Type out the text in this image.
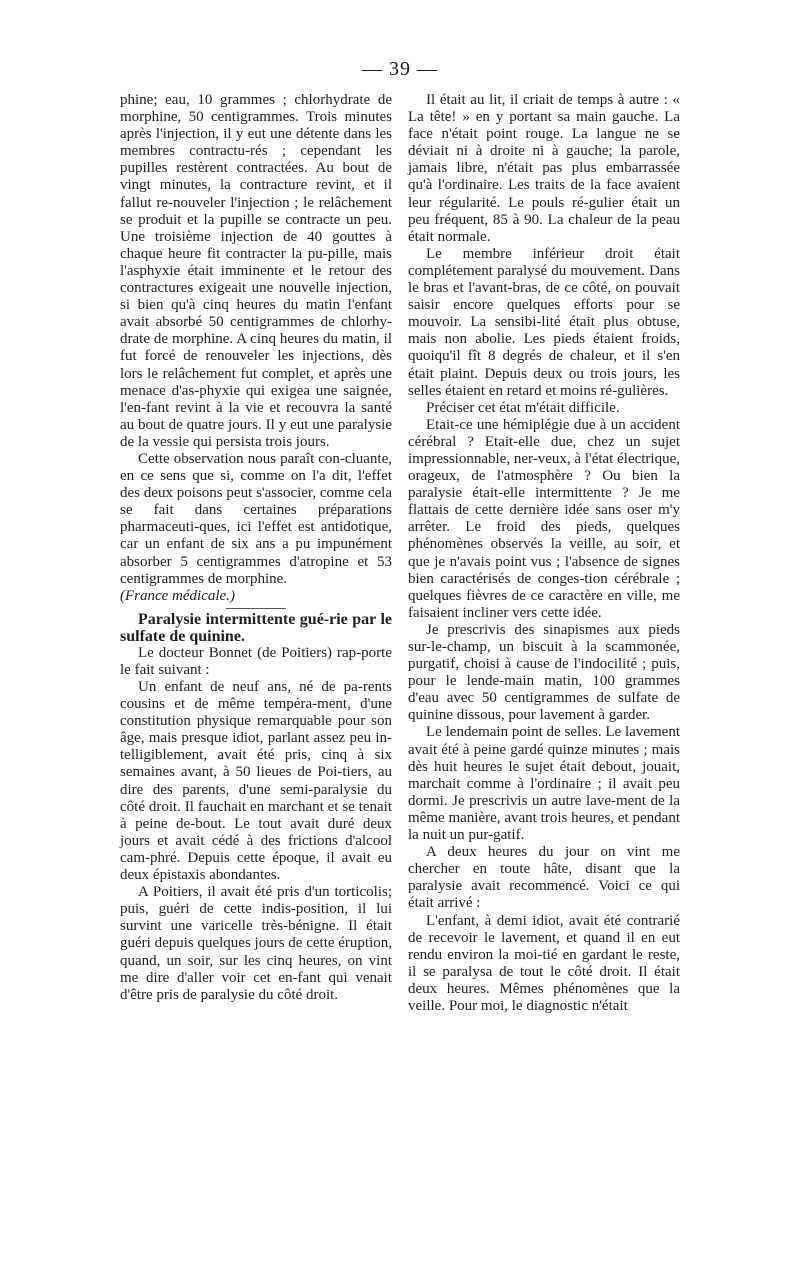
— 39 —

phine; eau, 10 grammes ; chlorhydrate de morphine, 50 centigrammes. Trois minutes après l'injection, il y eut une détente dans les membres contractu-rés ; cependant les pupilles restèrent contractées. Au bout de vingt minutes, la contracture revint, et il fallut re-nouveler l'injection ; le relâchement se produit et la pupille se contracte un peu. Une troisième injection de 40 gouttes à chaque heure fit contracter la pu-pille, mais l'asphyxie était imminente et le retour des contractures exigeait une nouvelle injection, si bien qu'à cinq heures du matin l'enfant avait absorbé 50 centigrammes de chlorhy-drate de morphine. A cinq heures du matin, il fut forcé de renouveler les injections, dès lors le relâchement fut complet, et après une menace d'as-phyxie qui exigea une saignée, l'en-fant revint à la vie et recouvra la santé au bout de quatre jours. Il y eut une paralysie de la vessie qui persista trois jours.

Cette observation nous paraît con-cluante, en ce sens que si, comme on l'a dit, l'effet des deux poisons peut s'associer, comme cela se fait dans certaines préparations pharmaceuti-ques, ici l'effet est antidotique, car un enfant de six ans a pu impunément absorber 5 centigrammes d'atropine et 53 centigrammes de morphine.

(France médicale.)

Paralysie intermittente gué-rie par le sulfate de quinine.

Le docteur Bonnet (de Poitiers) rap-porte le fait suivant :

Un enfant de neuf ans, né de pa-rents cousins et de même tempéra-ment, d'une constitution physique remarquable pour son âge, mais presque idiot, parlant assez peu in-telligiblement, avait été pris, cinq à six semaines avant, à 50 lieues de Poi-tiers, au dire des parents, d'une semi-paralysie du côté droit. Il fauchait en marchant et se tenait à peine de-bout. Le tout avait duré deux jours et avait cédé à des frictions d'alcool cam-phré. Depuis cette époque, il avait eu deux épistaxis abondantes.

A Poitiers, il avait été pris d'un torticolis; puis, guéri de cette indis-position, il lui survint une varicelle très-bénigne. Il était guéri depuis quelques jours de cette éruption, quand, un soir, sur les cinq heures, on vint me dire d'aller voir cet en-fant qui venait d'être pris de paralysie du côté droit.

Il était au lit, il criait de temps à autre : « La tête! » en y portant sa main gauche. La face n'était point rouge. La langue ne se déviait ni à droite ni à gauche; la parole, jamais libre, n'était pas plus embarrassée qu'à l'ordinaire. Les traits de la face avaient leur régularité. Le pouls ré-gulier était un peu fréquent, 85 à 90. La chaleur de la peau était normale.

Le membre inférieur droit était complétement paralysé du mouvement. Dans le bras et l'avant-bras, de ce côté, on pouvait saisir encore quelques efforts pour se mouvoir. La sensibi-lité était plus obtuse, mais non abolie. Les pieds étaient froids, quoiqu'il fît 8 degrés de chaleur, et il s'en était plaint. Depuis deux ou trois jours, les selles étaient en retard et moins ré-gulières.

Préciser cet état m'était difficile.

Etait-ce une hémiplégie due à un accident cérébral ? Etait-elle due, chez un sujet impressionnable, ner-veux, à l'état électrique, orageux, de l'atmosphère ? Ou bien la paralysie était-elle intermittente ? Je me flattais de cette dernière idée sans oser m'y arrêter. Le froid des pieds, quelques phénomènes observés la veille, au soir, et que je n'avais point vus ; l'absence de signes bien caractérisés de conges-tion cérébrale ; quelques fièvres de ce caractère en ville, me faisaient incliner vers cette idée.

Je prescrivis des sinapismes aux pieds sur-le-champ, un biscuit à la scammonée, purgatif, choisi à cause de l'indocilité ; puis, pour le lende-main matin, 100 grammes d'eau avec 50 centigrammes de sulfate de quinine dissous, pour lavement à garder.

Le lendemain point de selles. Le lavement avait été à peine gardé quinze minutes ; mais dès huit heures le sujet était debout, jouait, marchait comme à l'ordinaire ; il avait peu dormi. Je prescrivis un autre lave-ment de la même manière, avant trois heures, et pendant la nuit un pur-gatif.

A deux heures du jour on vint me chercher en toute hâte, disant que la paralysie avait recommencé. Voici ce qui était arrivé :

L'enfant, à demi idiot, avait été contrarié de recevoir le lavement, et quand il en eut rendu environ la moi-tié en gardant le reste, il se paralysa de tout le côté droit. Il était deux heures. Mêmes phénomènes que la veille. Pour moi, le diagnostic n'était
